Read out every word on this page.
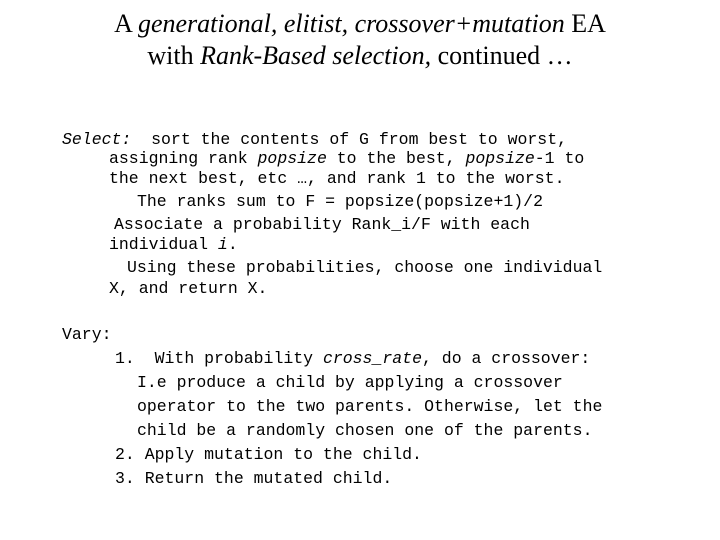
A generational, elitist, crossover+mutation EA
with Rank-Based selection, continued …
Select: sort the contents of G from best to worst,
assigning rank popsize to the best, popsize-1 to
the next best, etc …, and rank 1 to the worst.
The ranks sum to F = popsize(popsize+1)/2
Associate a probability Rank_i/F with each
individual i.
Using these probabilities, choose one individual
X, and return X.
Vary:
1. With probability cross_rate, do a crossover:
I.e produce a child by applying a crossover
operator to the two parents. Otherwise, let the
child be a randomly chosen one of the parents.
2. Apply mutation to the child.
3. Return the mutated child.
